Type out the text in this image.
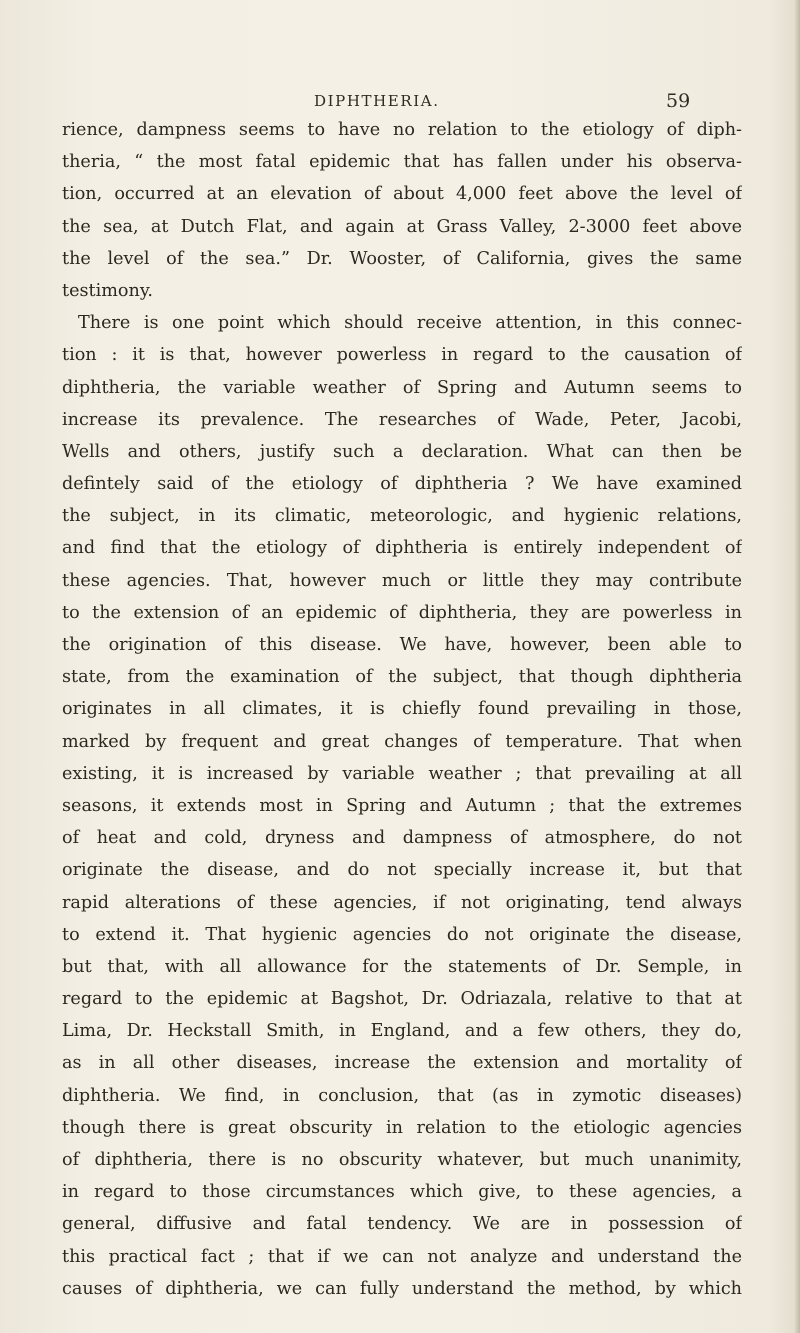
DIPHTHERIA.	59
rience, dampness seems to have no relation to the etiology of diph-
theria, “ the most fatal epidemic that has fallen under his observa-
tion, occurred at an elevation of about 4,000 feet above the level of
the sea, at Dutch Flat, and again at Grass Valley, 2-3000 feet above
the level of the sea.” Dr. Wooster, of California, gives the same
testimony.
There is one point which should receive attention, in this connec-
tion : it is that, however powerless in regard to the causation of
diphtheria, the variable weather of Spring and Autumn seems to
increase its prevalence. The researches of Wade, Peter, Jacobi,
Wells and others, justify such a declaration. What can then be
defintely said of the etiology of diphtheria ? We have examined
the subject, in its climatic, meteorologic, and hygienic relations,
and find that the etiology of diphtheria is entirely independent of
these agencies. That, however much or little they may contribute
to the extension of an epidemic of diphtheria, they are powerless in
the origination of this disease. We have, however, been able to
state, from the examination of the subject, that though diphtheria
originates in all climates, it is chiefly found prevailing in those,
marked by frequent and great changes of temperature. That when
existing, it is increased by variable weather ; that prevailing at all
seasons, it extends most in Spring and Autumn ; that the extremes
of heat and cold, dryness and dampness of atmosphere, do not
originate the disease, and do not specially increase it, but that
rapid alterations of these agencies, if not originating, tend always
to extend it. That hygienic agencies do not originate the disease,
but that, with all allowance for the statements of Dr. Semple, in
regard to the epidemic at Bagshot, Dr. Odriazala, relative to that at
Lima, Dr. Heckstall Smith, in England, and a few others, they do,
as in all other diseases, increase the extension and mortality of
diphtheria. We find, in conclusion, that (as in zymotic diseases)
though there is great obscurity in relation to the etiologic agencies
of diphtheria, there is no obscurity whatever, but much unanimity,
in regard to those circumstances which give, to these agencies, a
general, diffusive and fatal tendency. We are in possession of
this practical fact ; that if we can not analyze and understand the
causes of diphtheria, we can fully understand the method, by which
